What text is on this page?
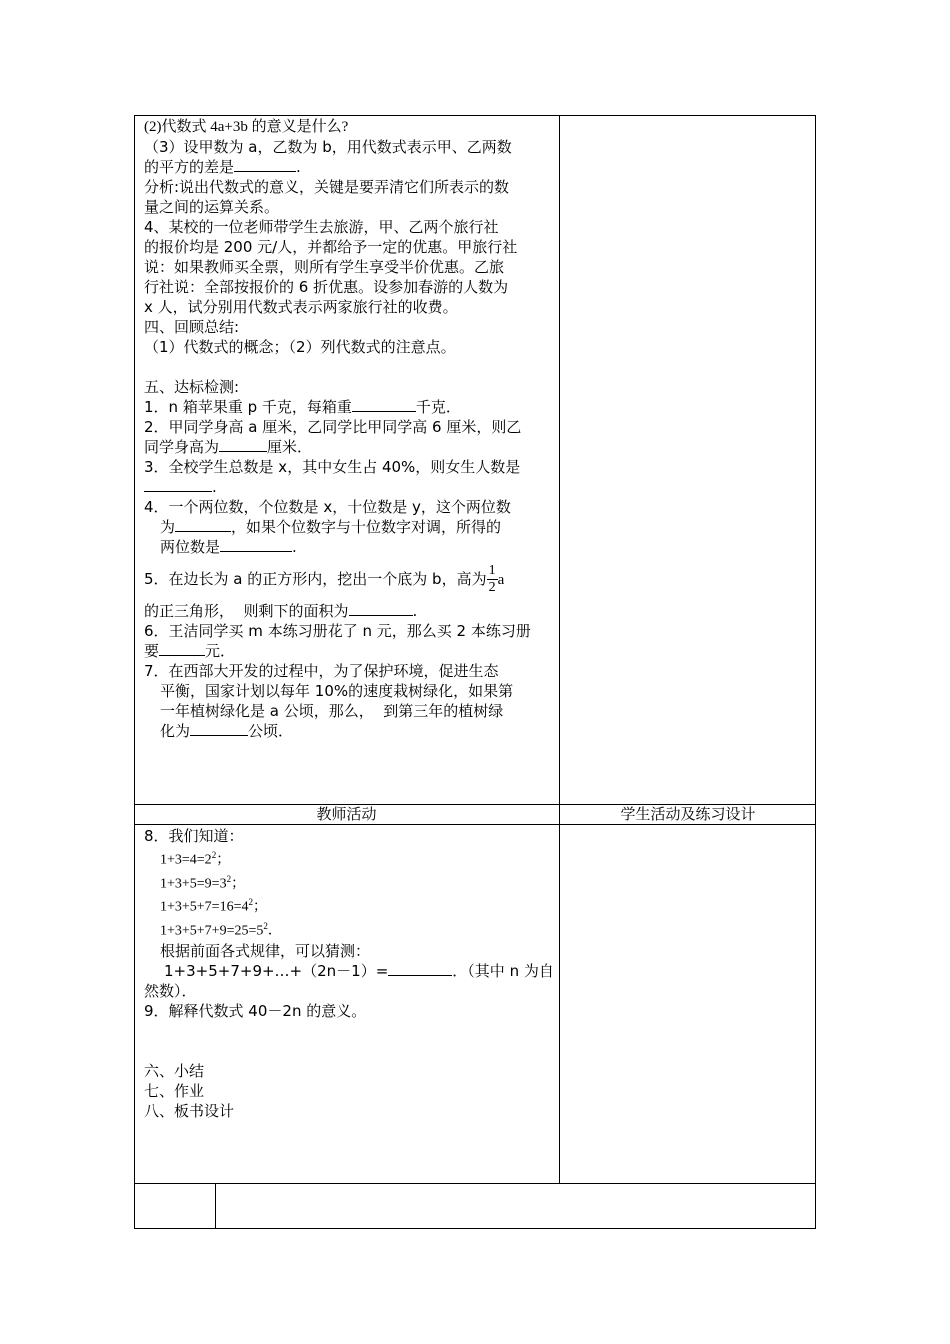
(2)代数式 4a+3b 的意义是什么?

（3）设甲数为 a，乙数为 b，用代数式表示甲、乙两数

的平方的差是	.

分析:说出代数式的意义，关键是要弄清它们所表示的数

量之间的运算关系。

4、某校的一位老师带学生去旅游，甲、乙两个旅行社

的报价均是 200 元/人，并都给予一定的优惠。甲旅行社

说：如果教师买全票，则所有学生享受半价优惠。乙旅

行社说：全部按报价的 6 折优惠。设参加春游的人数为

x 人，试分别用代数式表示两家旅行社的收费。

四、回顾总结:

（1）代数式的概念；（2）列代数式的注意点。

五、达标检测:

1．n 箱苹果重 p 千克，每箱重	千克．

2．甲同学身高 a 厘米，乙同学比甲同学高 6 厘米，则乙

同学身高为	厘米．

3．全校学生总数是 x，其中女生占 40%，则女生人数是

.

4．一个两位数，个位数是 x，十位数是 y，这个两位数

为	，如果个位数字与十位数字对调，所得的

两位数是	.

5．在边长为 a 的正方形内，挖出一个底为 b，高为 $\frac{1}{2}$ a

的正三角形，  则剩下的面积为	.

6．王洁同学买 m 本练习册花了 n 元，那么买 2 本练习册

要	元．

7．在西部大开发的过程中，为了保护环境，促进生态

平衡，国家计划以每年 10%的速度栽树绿化，如果第

一年植树绿化是 a 公顷，那么，  到第三年的植树绿

化为	公顷．

教师活动	学生活动及练习设计

8．我们知道：

$1+3=4=2^2$；

$1+3+5=9=3^2$；

$1+3+5+7=16=4^2$；

$1+3+5+7+9=25=5^2$．

根据前面各式规律，可以猜测：

1+3+5+7+9+…+（2n－1）=	．（其中 n 为自

然数）．

9．解释代数式 40－2n 的意义。

六、小结

七、作业

八、板书设计
